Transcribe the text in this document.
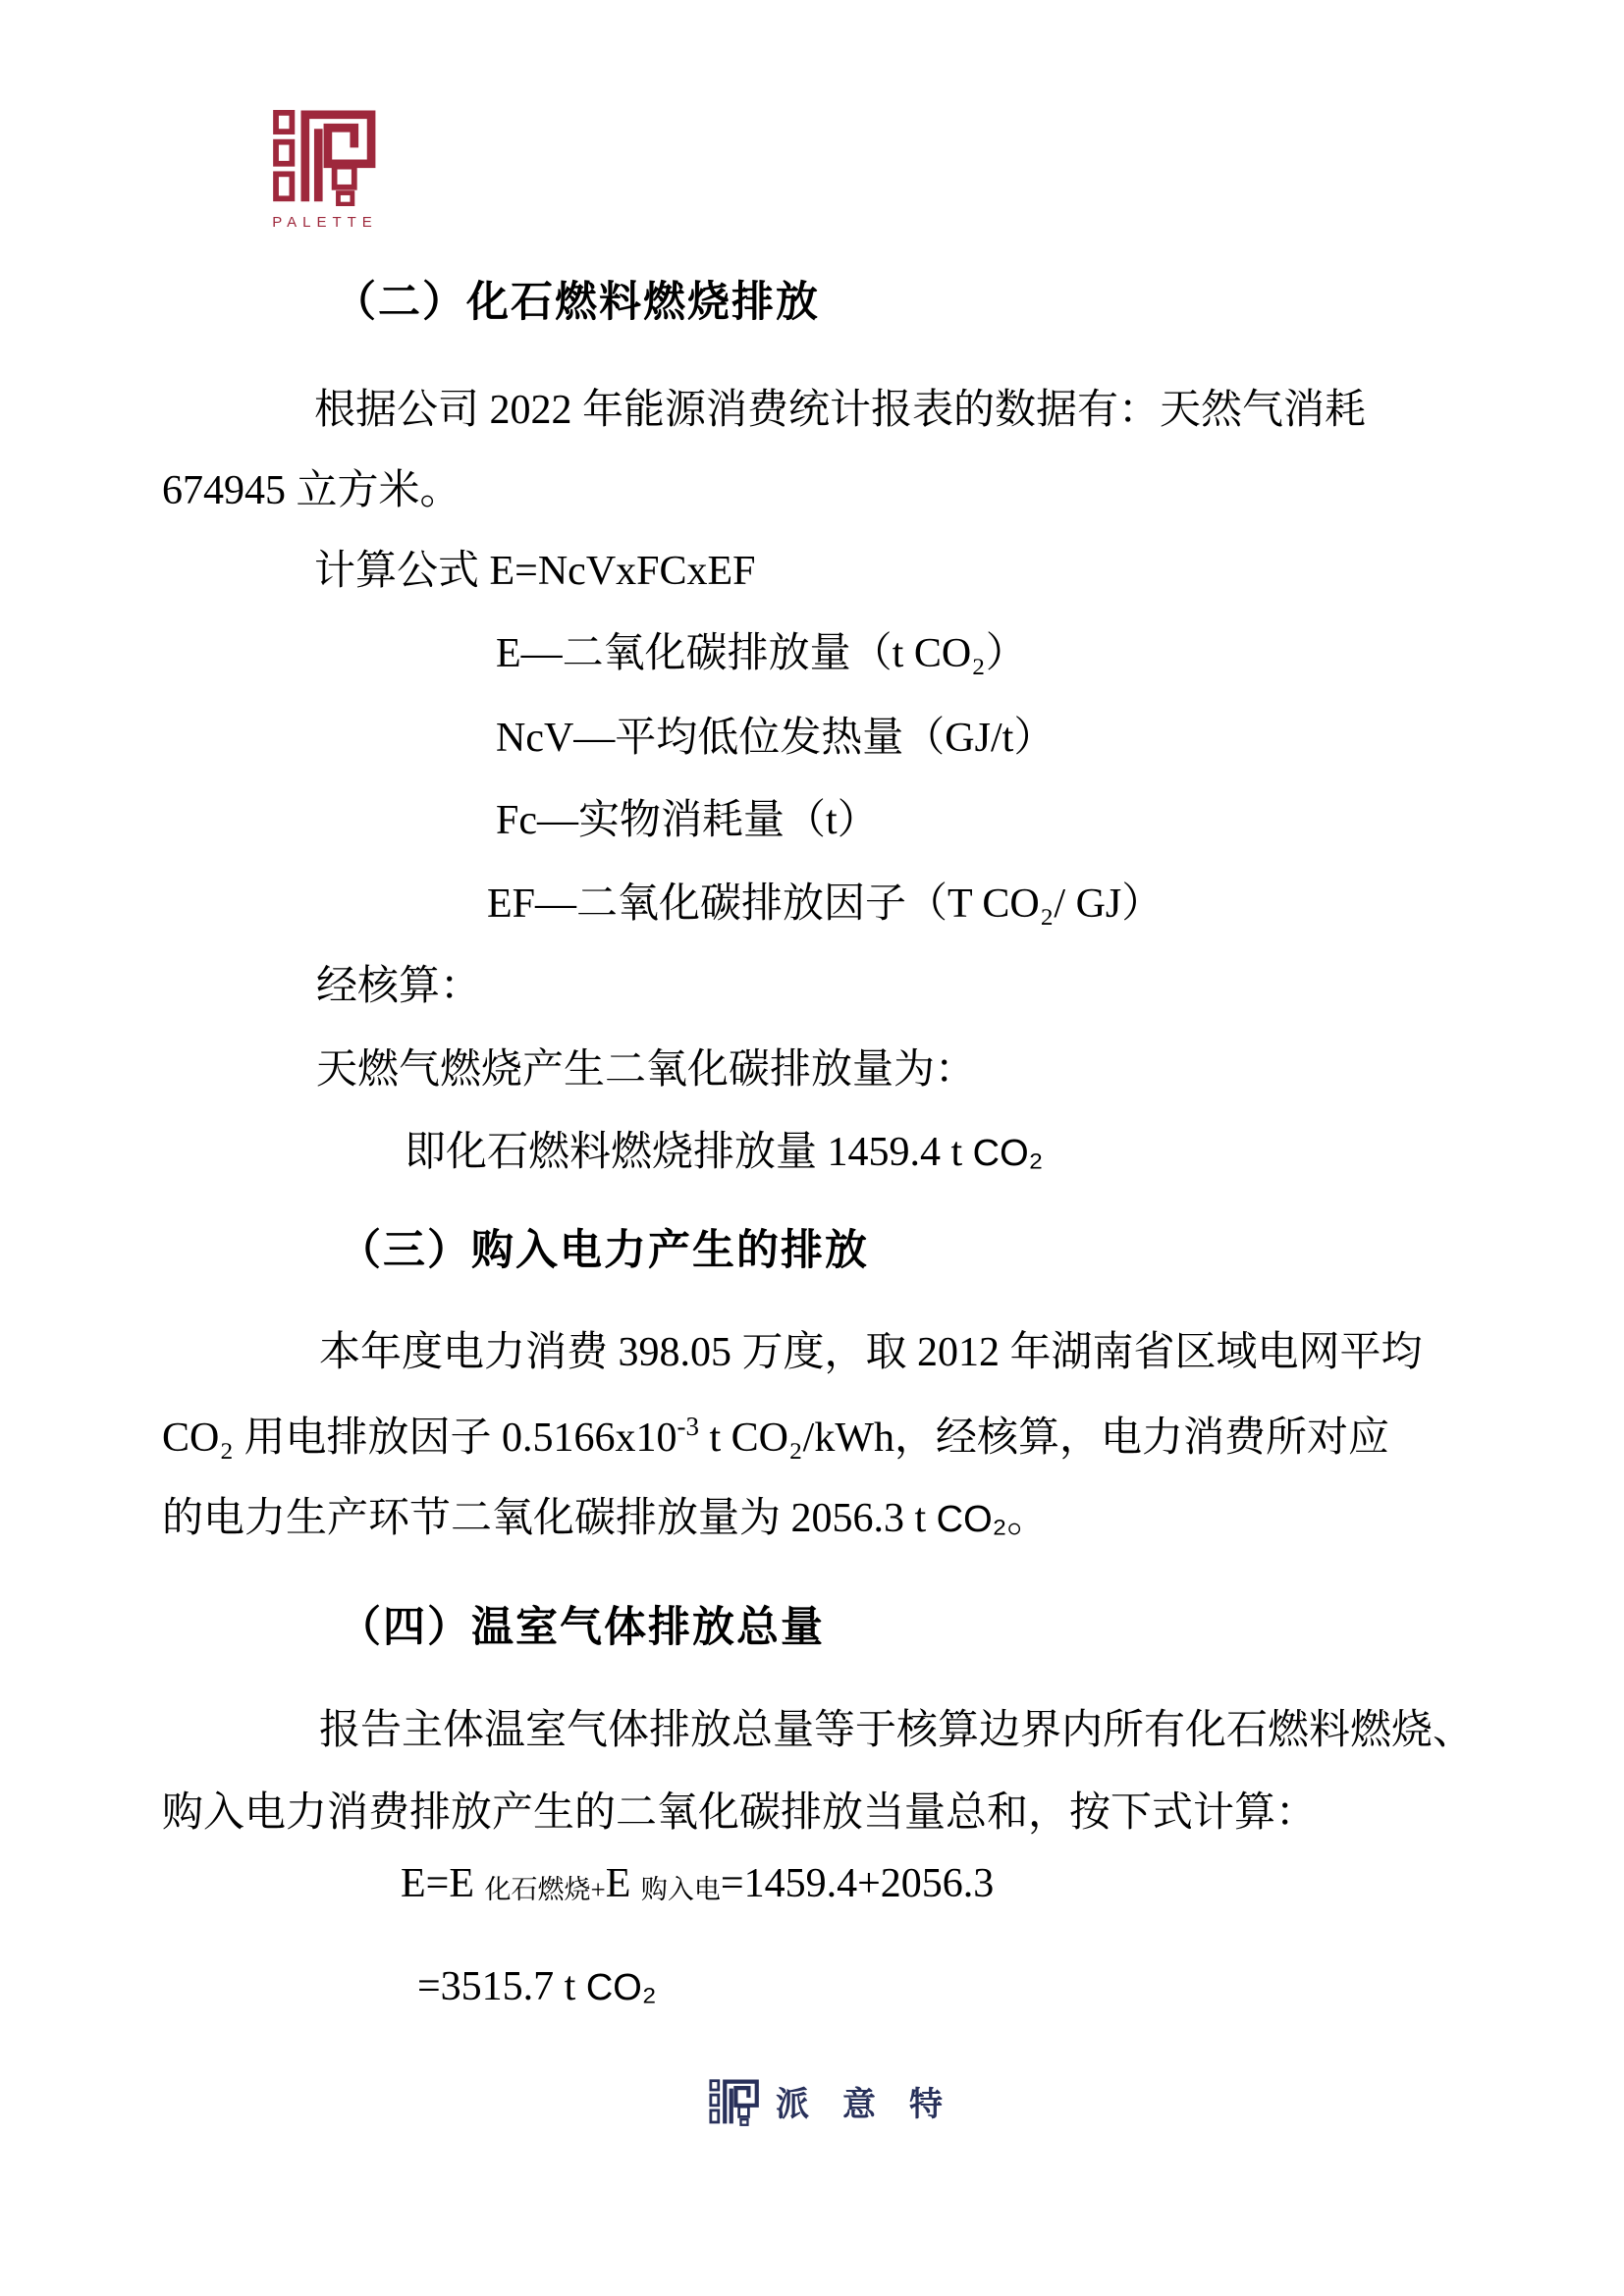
PALETTE
（二）化石燃料燃烧排放
根据公司 2022 年能源消费统计报表的数据有：天然气消耗
674945 立方米。
计算公式 E=NcVxFCxEF
E—二氧化碳排放量（t CO₂）
NcV—平均低位发热量（GJ/t）
Fc—实物消耗量（t）
EF—二氧化碳排放因子（T CO₂/ GJ）
经核算：
天燃气燃烧产生二氧化碳排放量为：
即化石燃料燃烧排放量 1459.4 t CO₂
（三）购入电力产生的排放
本年度电力消费 398.05 万度，取 2012 年湖南省区域电网平均
CO₂ 用电排放因子 $0.5166x10^{-3}$ t CO₂/kWh，经核算，电力消费所对应
的电力生产环节二氧化碳排放量为 2056.3 t CO₂。
（四）温室气体排放总量
报告主体温室气体排放总量等于核算边界内所有化石燃料燃烧、
购入电力消费排放产生的二氧化碳排放当量总和，按下式计算：
E=E 化石燃烧+E 购入电=1459.4+2056.3
=3515.7 t CO₂
派意特
